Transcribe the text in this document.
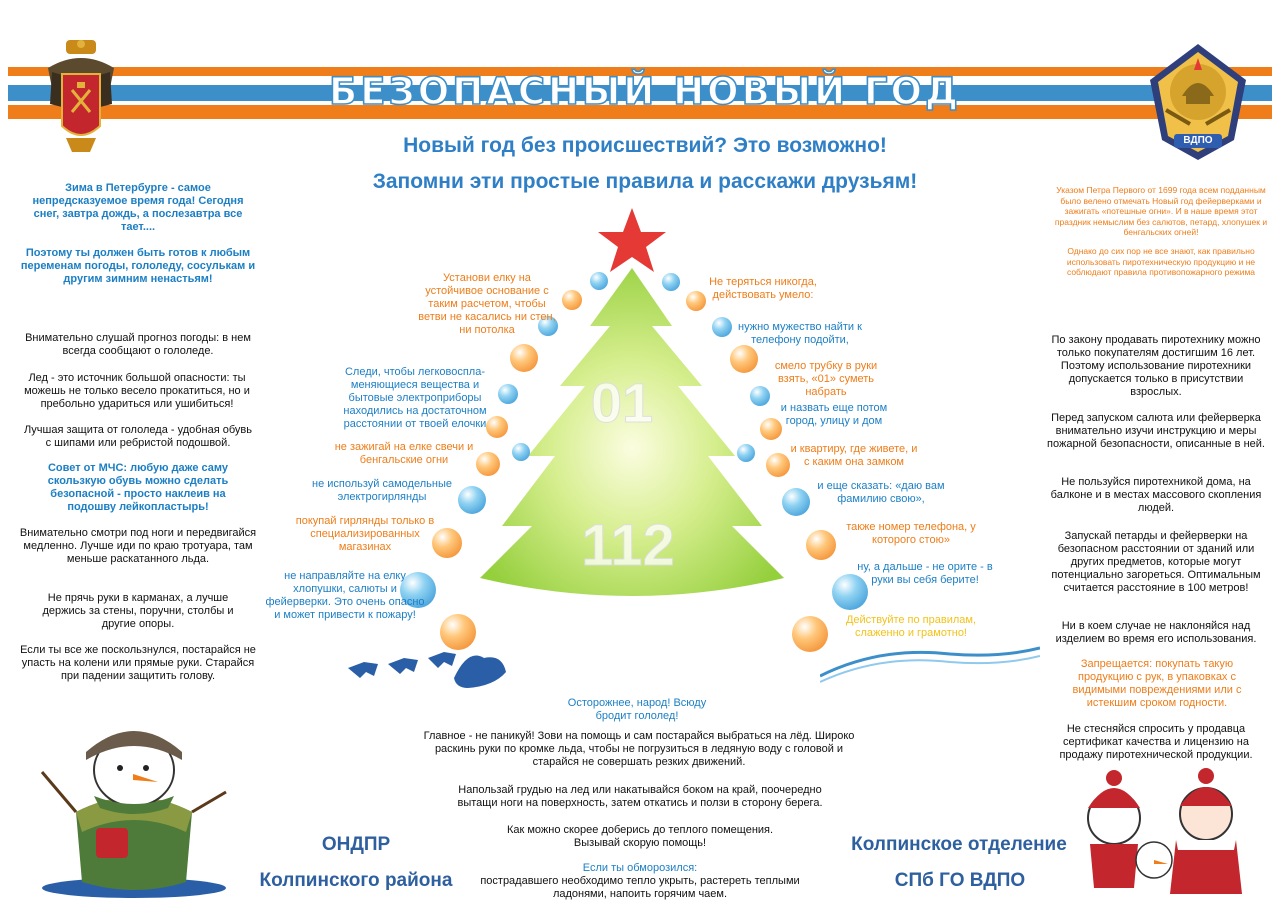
БЕЗОПАСНЫЙ НОВЫЙ ГОД
ВДПО
Новый год без происшествий? Это возможно!
Запомни эти простые правила и расскажи друзьям!
Зима в Петербурге - самое непредсказуемое время года! Сегодня снег, завтра дождь, а послезавтра все тает....
Поэтому ты должен быть готов к любым переменам погоды, гололеду, сосулькам и другим зимним ненастьям!
Внимательно слушай прогноз погоды: в нем всегда сообщают о гололеде.
Лед - это источник большой опасности: ты можешь не только весело прокатиться, но и пребольно удариться или ушибиться!
Лучшая защита от гололеда - удобная обувь с шипами или ребристой подошвой.
Совет от МЧС: любую даже саму скользкую обувь можно сделать безопасной - просто наклеив на подошву лейкопластырь!
Внимательно смотри под ноги и передвигайся медленно. Лучше иди по краю тротуара, там меньше раскатанного льда.
Не прячь руки в карманах, а лучше держись за стены, поручни, столбы и другие опоры.
Если ты все же поскользнулся, постарайся не упасть на колени или прямые руки. Старайся при падении защитить голову.
Указом Петра Первого от 1699 года всем подданным было велено отмечать Новый год фейерверками и зажигать «потешные огни». И в наше время этот праздник немыслим без салютов, петард, хлопушек и бенгальских огней!
Однако до сих пор не все знают, как правильно использовать пиротехническую продукцию и не соблюдают правила противопожарного режима
По закону продавать пиротехнику можно только покупателям достигшим 16 лет. Поэтому использование пиротехники допускается только в присутствии взрослых.
Перед запуском салюта или фейерверка внимательно изучи инструкцию и меры пожарной безопасности, описанные в ней.
Не пользуйся пиротехникой дома, на балконе и в местах массового скопления людей.
Запускай петарды и фейерверки на безопасном расстоянии от зданий или других предметов, которые могут потенциально загореться. Оптимальным считается расстояние в 100 метров!
Ни в коем случае не наклоняйся над изделием во время его использования.
Запрещается: покупать такую продукцию с рук, в упаковках с видимыми повреждениями или с истекшим сроком годности.
Не стесняйся спросить у продавца сертификат качества и лицензию на продажу пиротехнической продукции.
01
112
Установи елку на устойчивое основание с таким расчетом, чтобы ветви не касались ни стен, ни потолка
Следи, чтобы легковоспла- меняющиеся вещества и бытовые электроприборы находились на достаточном расстоянии от твоей елочки
не зажигай на елке свечи и бенгальские огни
не используй самодельные электрогирлянды
покупай гирлянды только в специализированных магазинах
не направляйте на елку хлопушки, салюты и фейерверки. Это очень опасно и может привести к пожару!
Не теряться никогда, действовать умело:
нужно мужество найти к телефону подойти,
смело трубку в руки взять, «01» суметь набрать
и назвать еще потом город, улицу и дом
и квартиру, где живете, и с каким она замком
и еще сказать: «даю вам фамилию свою»,
также номер телефона, у которого стою»
ну, а дальше - не орите - в руки вы себя берите!
Действуйте по правилам, слаженно и грамотно!
Осторожнее, народ! Всюду бродит гололед!
Главное - не паникуй! Зови на помощь и сам постарайся выбраться на лёд. Широко раскинь руки по кромке льда, чтобы не погрузиться в ледяную воду с головой и старайся не совершать резких движений.
Напользай грудью на лед или накатывайся боком на край, поочередно вытащи ноги на поверхность, затем откатись и ползи в сторону берега.
Как можно скорее доберись до теплого помещения. Вызывай скорую помощь!
Если ты обморозился:
пострадавшего необходимо тепло укрыть, растереть теплыми ладонями, напоить горячим чаем.
ОНДПР
Колпинского района
Колпинское отделение
СПб ГО ВДПО
